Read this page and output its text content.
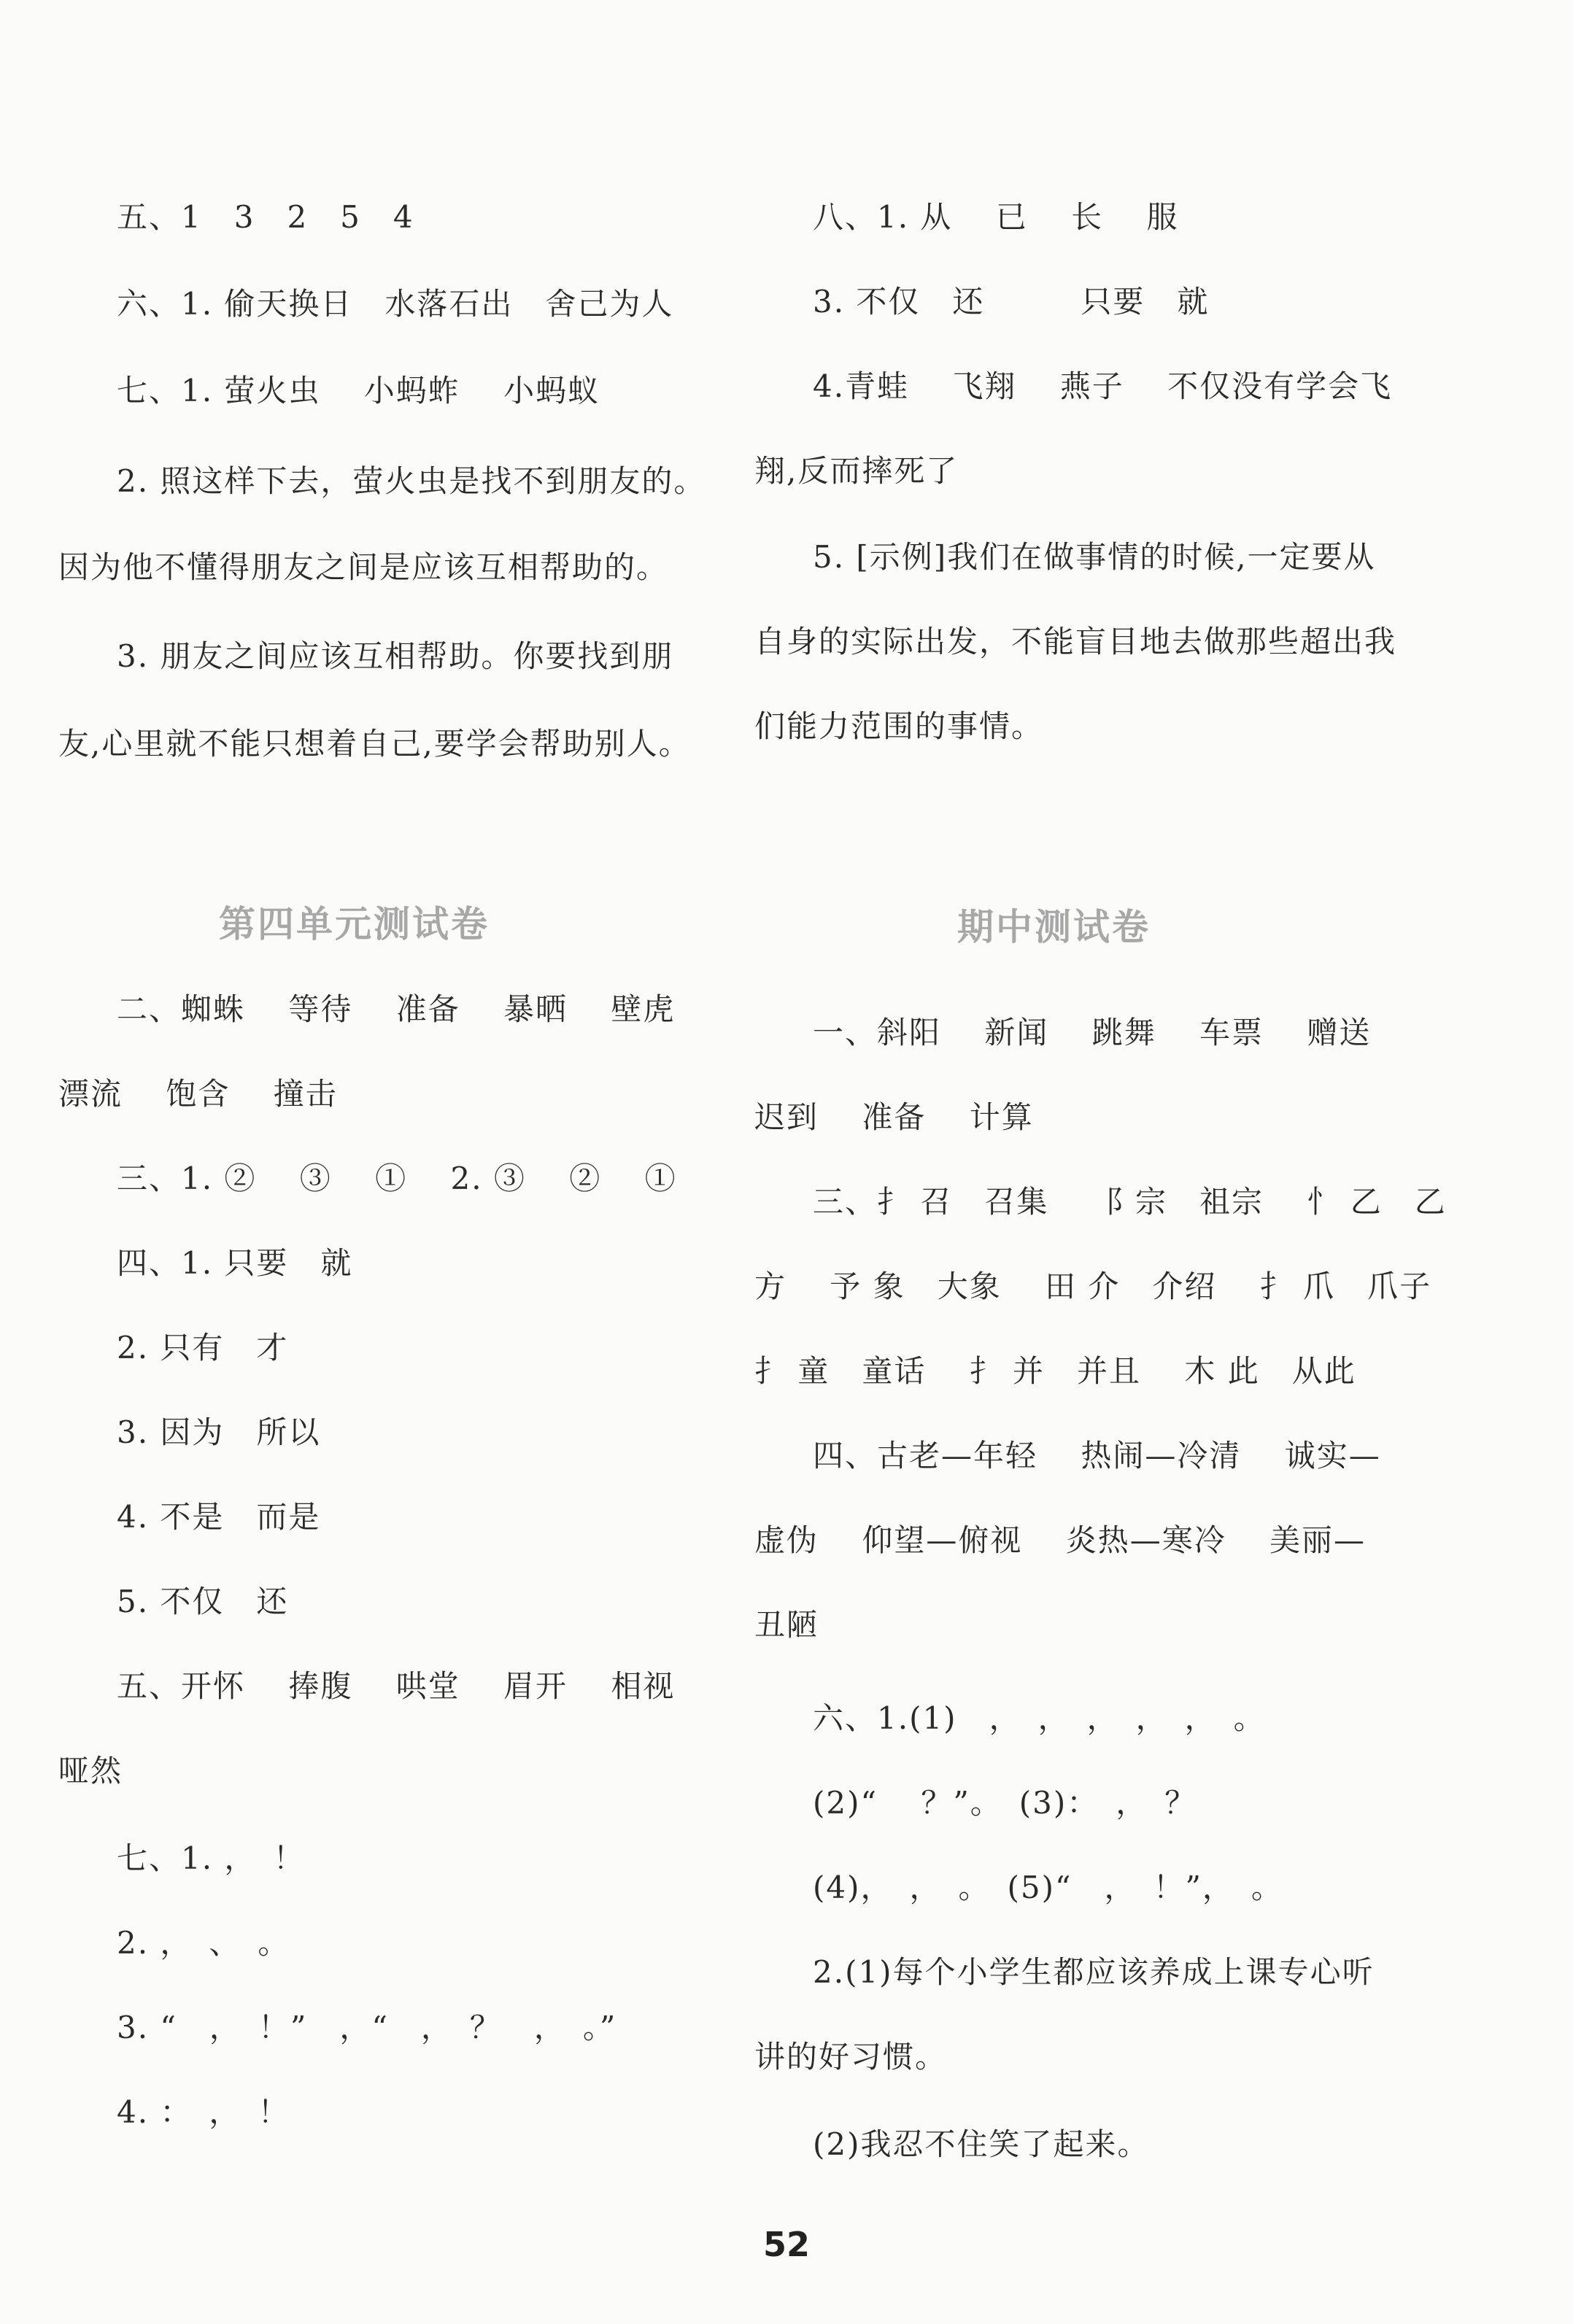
五、1　3　2　5　4
六、1. 偷天换日　水落石出　舍己为人
七、1. 萤火虫　 小蚂蚱　 小蚂蚁
2. 照这样下去，萤火虫是找不到朋友的。
因为他不懂得朋友之间是应该互相帮助的。
3. 朋友之间应该互相帮助。你要找到朋
友,心里就不能只想着自己,要学会帮助别人。
第四单元测试卷
二、蜘蛛　 等待　 准备　 暴晒　 壁虎
漂流　 饱含　 撞击
三、1. ②　 ③　 ①　 2. ③　 ②　 ①
四、1. 只要　就
2. 只有　才
3. 因为　所以
4. 不是　而是
5. 不仅　还
五、开怀　 捧腹　 哄堂　 眉开　 相视
哑然
七、1. ，　！
2. ，　、　。
3. “　，　！”　，“　，　？　，　。”
4. ：　，　！
八、1. 从　 已　 长　 服
3. 不仅　还　　　只要　就
4.青蛙　 飞翔　 燕子　 不仅没有学会飞
翔,反而摔死了
5. [示例]我们在做事情的时候,一定要从
自身的实际出发，不能盲目地去做那些超出我
们能力范围的事情。
期中测试卷
一、斜阳　 新闻　 跳舞　 车票　 赠送
迟到　 准备　 计算
三、扌 召　召集　 ⻏ 宗　祖宗　 忄 乙　乙
方　 予 象　大象　 田 介　介绍　 扌 爪　爪子
扌 童　童话　 扌 并　并且　 木 此　从此
四、古老—年轻　 热闹—冷清　 诚实—
虚伪　 仰望—俯视　 炎热—寒冷　 美丽—
丑陋
六、1.(1)　，　，　，　，　，　。
(2)“　 ？”。　(3)：　，　？
(4)，　，　。　(5)“　，　！”，　。
2.(1)每个小学生都应该养成上课专心听
讲的好习惯。
(2)我忍不住笑了起来。
52
